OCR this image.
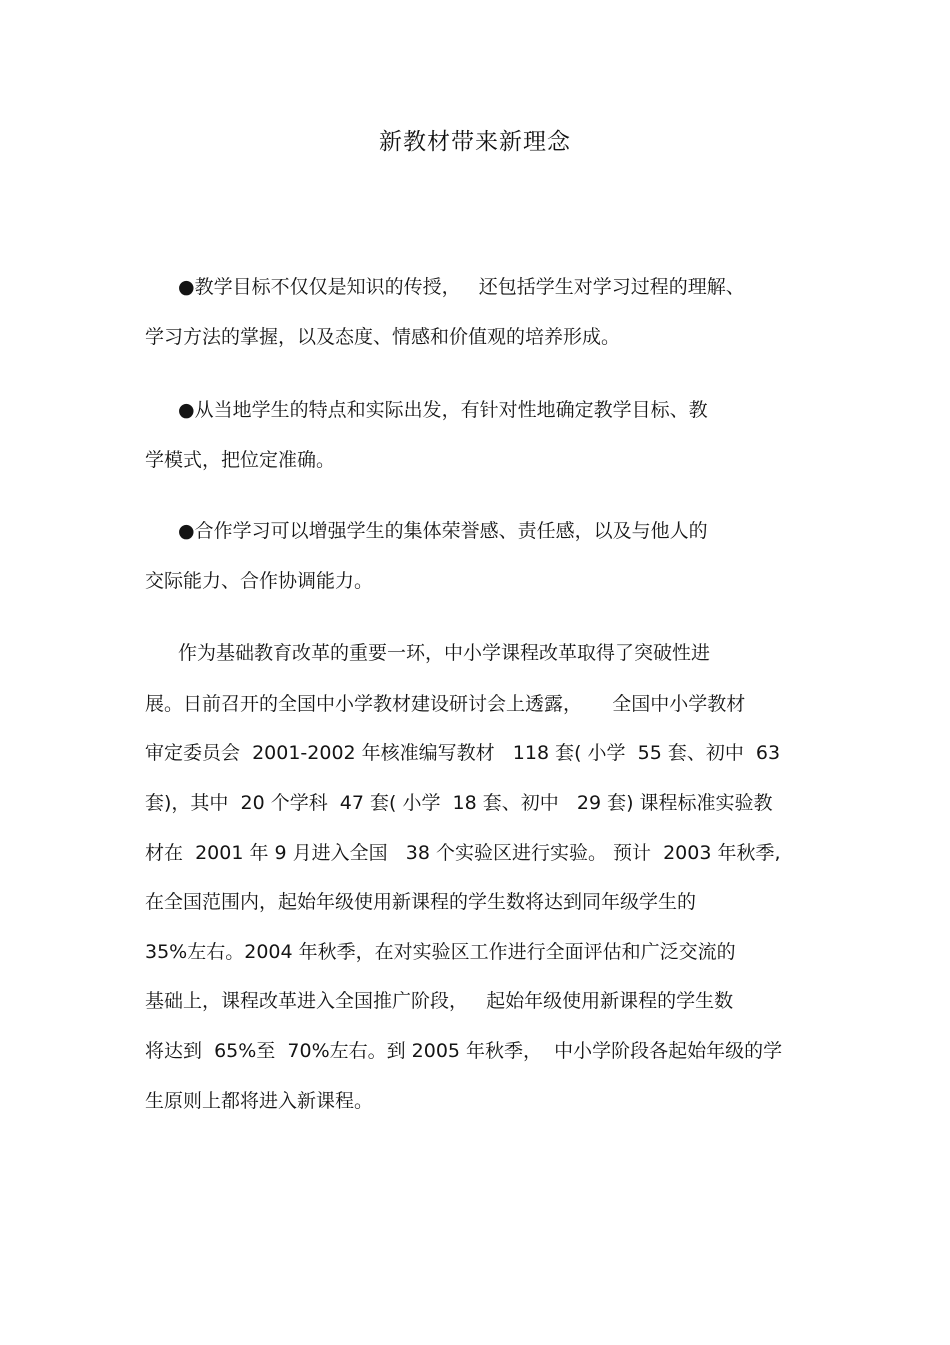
新教材带来新理念
●教学目标不仅仅是知识的传授，   还包括学生对学习过程的理解、
学习方法的掌握，以及态度、情感和价值观的培养形成。
●从当地学生的特点和实际出发，有针对性地确定教学目标、教
学模式，把位定准确。
●合作学习可以增强学生的集体荣誉感、责任感，以及与他人的
交际能力、合作协调能力。
作为基础教育改革的重要一环，中小学课程改革取得了突破性进
展。日前召开的全国中小学教材建设研讨会上透露，     全国中小学教材
审定委员会  2001-2002 年核准编写教材   118 套( 小学  55 套、初中  63
套)，其中  20 个学科  47 套( 小学  18 套、初中   29 套) 课程标准实验教
材在  2001 年 9 月进入全国   38 个实验区进行实验。 预计  2003 年秋季,
在全国范围内，起始年级使用新课程的学生数将达到同年级学生的
35%左右。2004 年秋季，在对实验区工作进行全面评估和广泛交流的
基础上，课程改革进入全国推广阶段，   起始年级使用新课程的学生数
将达到  65%至  70%左右。到 2005 年秋季，  中小学阶段各起始年级的学
生原则上都将进入新课程。
